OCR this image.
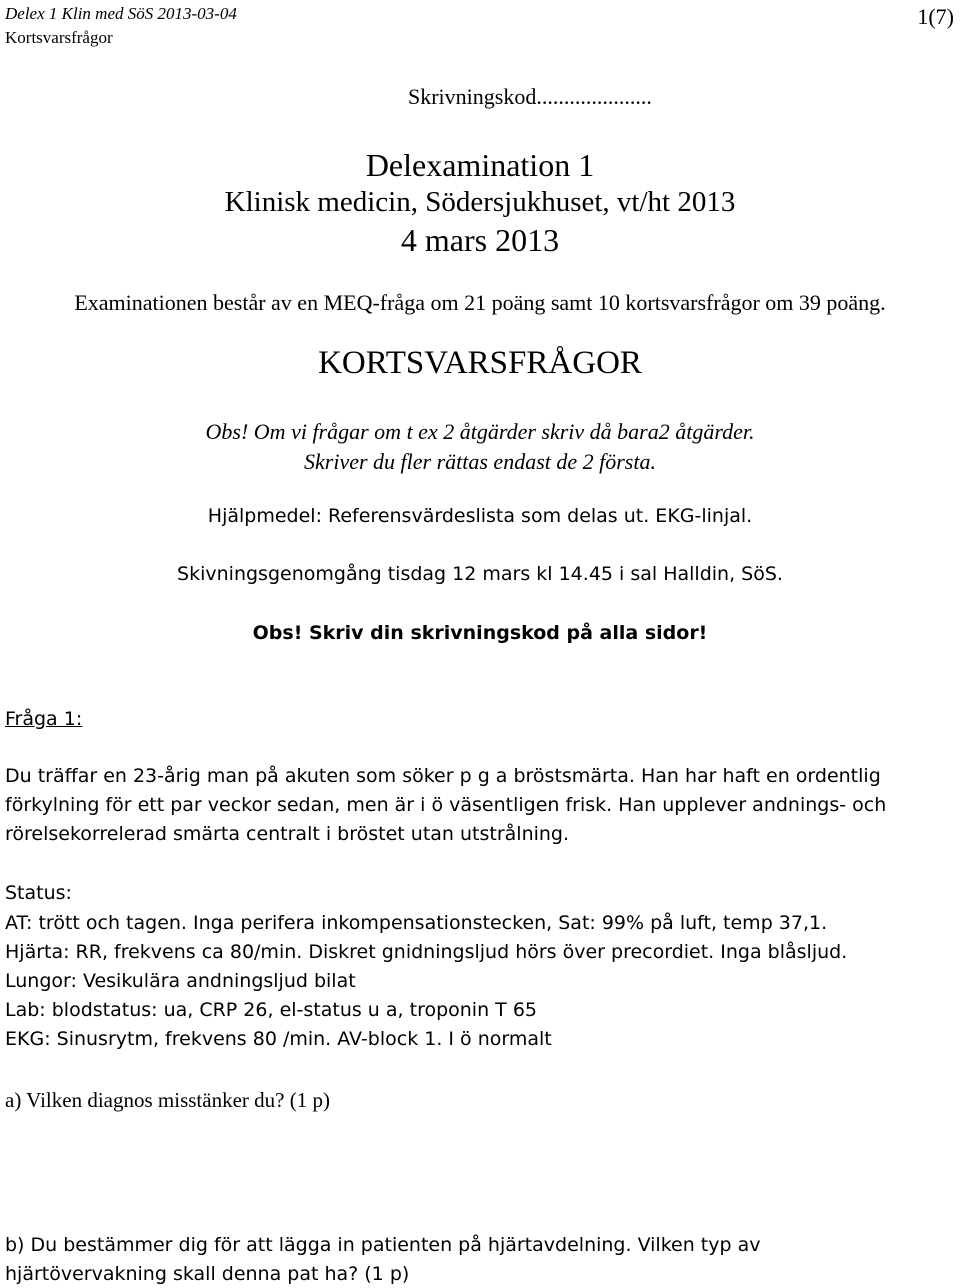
Delex 1 Klin med SöS 2013-03-04
Kortsvarsfrågor
1(7)
Skrivningskod.....................
Delexamination 1
Klinisk medicin, Södersjukhuset, vt/ht 2013
4 mars 2013
Examinationen består av en MEQ-fråga om 21 poäng samt 10 kortsvarsfrågor om 39 poäng.
KORTSVARSFRÅGOR
Obs! Om vi frågar om t ex 2 åtgärder skriv då bara2 åtgärder.
Skriver du fler rättas endast de 2 första.
Hjälpmedel: Referensvärdeslista som delas ut. EKG-linjal.
Skivningsgenomgång tisdag 12 mars kl 14.45 i sal Halldin, SöS.
Obs! Skriv din skrivningskod på alla sidor!
Fråga 1:
Du träffar en 23-årig man på akuten som söker p g a bröstsmärta. Han har haft en ordentlig
förkylning för ett par veckor sedan, men är i ö väsentligen frisk. Han upplever andnings- och
rörelsekorrelerad smärta centralt i bröstet utan utstrålning.
Status:
AT: trött och tagen. Inga perifera inkompensationstecken, Sat: 99% på luft, temp 37,1.
Hjärta: RR, frekvens ca 80/min. Diskret gnidningsljud hörs över precordiet. Inga blåsljud.
Lungor: Vesikulära andningsljud bilat
Lab: blodstatus: ua, CRP 26, el-status u a, troponin T 65
EKG: Sinusrytm, frekvens 80 /min. AV-block 1. I ö normalt
a) Vilken diagnos misstänker du? (1 p)
b) Du bestämmer dig för att lägga in patienten på hjärtavdelning. Vilken typ av
hjärtövervakning skall denna pat ha? (1 p)
